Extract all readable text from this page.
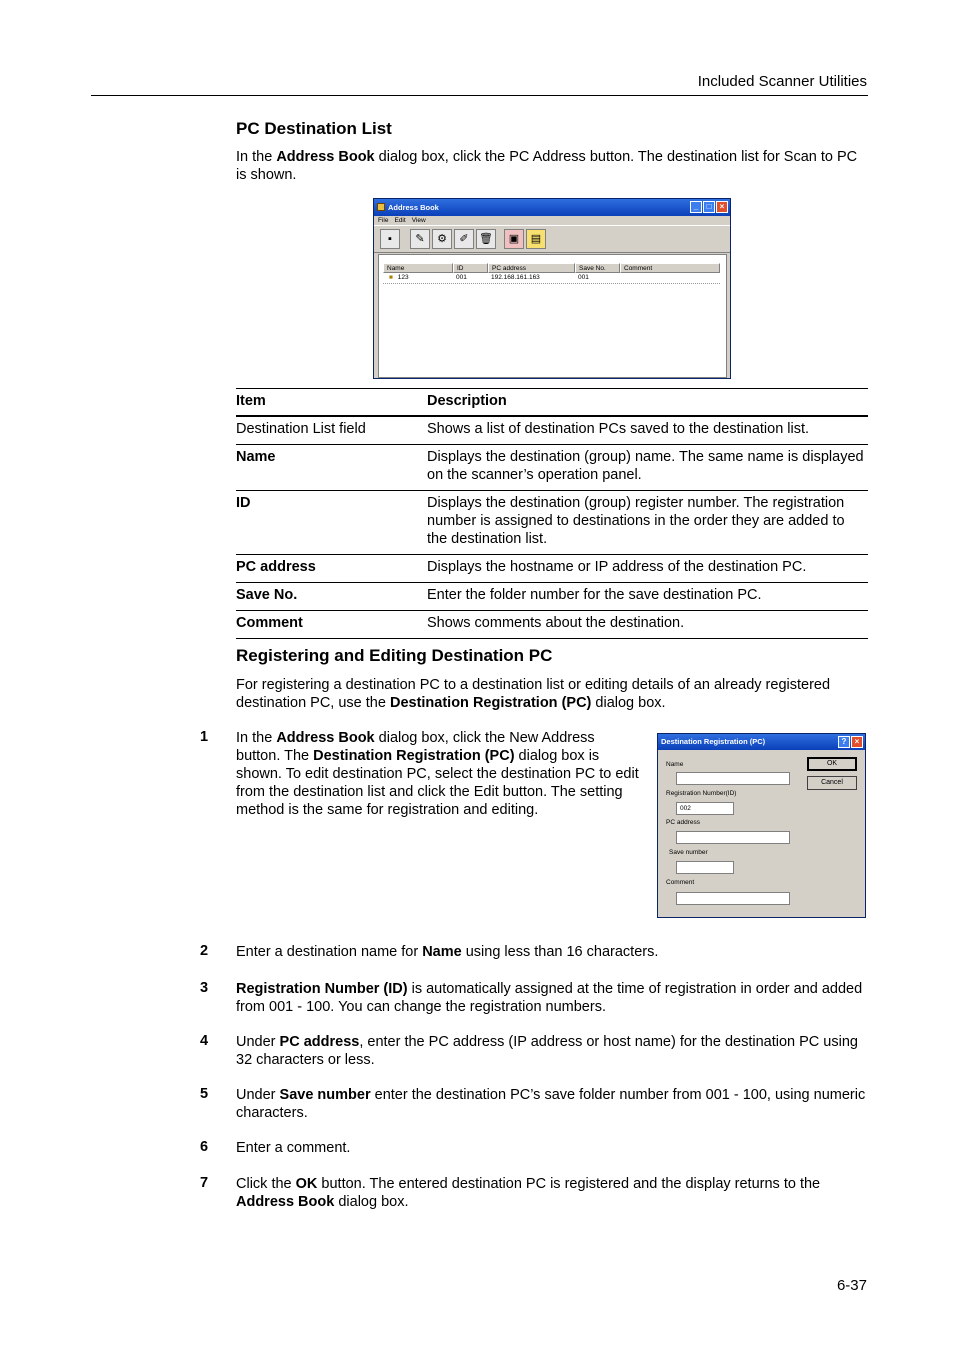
Included Scanner Utilities
PC Destination List

In the Address Book dialog box, click the PC Address button. The destination list for Scan to PC is shown.

Address Book	_	□	×
File Edit View
▪	✎	⚙	✐ 🗑	▣	▤
Name	ID	PC address	Save No.	Comment
■ 123	001	192.168.161.163	001
Item	Description
Destination List field	Shows a list of destination PCs saved to the destination list.
Name	Displays the destination (group) name. The same name is displayed on the scanner’s operation panel.
ID	Displays the destination (group) register number. The registration number is assigned to destinations in the order they are added to the destination list.
PC address	Displays the hostname or IP address of the destination PC.
Save No.	Enter the folder number for the save destination PC.
Comment	Shows comments about the destination.
Registering and Editing Destination PC

For registering a destination PC to a destination list or editing details of an already registered destination PC, use the Destination Registration (PC) dialog box.

1 In the Address Book dialog box, click the New Address button. The Destination Registration (PC) dialog box is shown. To edit destination PC, select the destination PC to edit from the destination list and click the Edit button. The setting method is the same for registration and editing.

Destination Registration (PC)	?	×
Name
Registration Number(ID)
002
PC address
Save number
Comment
OK
Cancel
2 Enter a destination name for Name using less than 16 characters.

3 Registration Number (ID) is automatically assigned at the time of registration in order and added from 001 - 100. You can change the registration numbers.

4 Under PC address, enter the PC address (IP address or host name) for the destination PC using 32 characters or less.

5 Under Save number enter the destination PC’s save folder number from 001 - 100, using numeric characters.

6 Enter a comment.

7 Click the OK button. The entered destination PC is registered and the display returns to the Address Book dialog box.

6-37
